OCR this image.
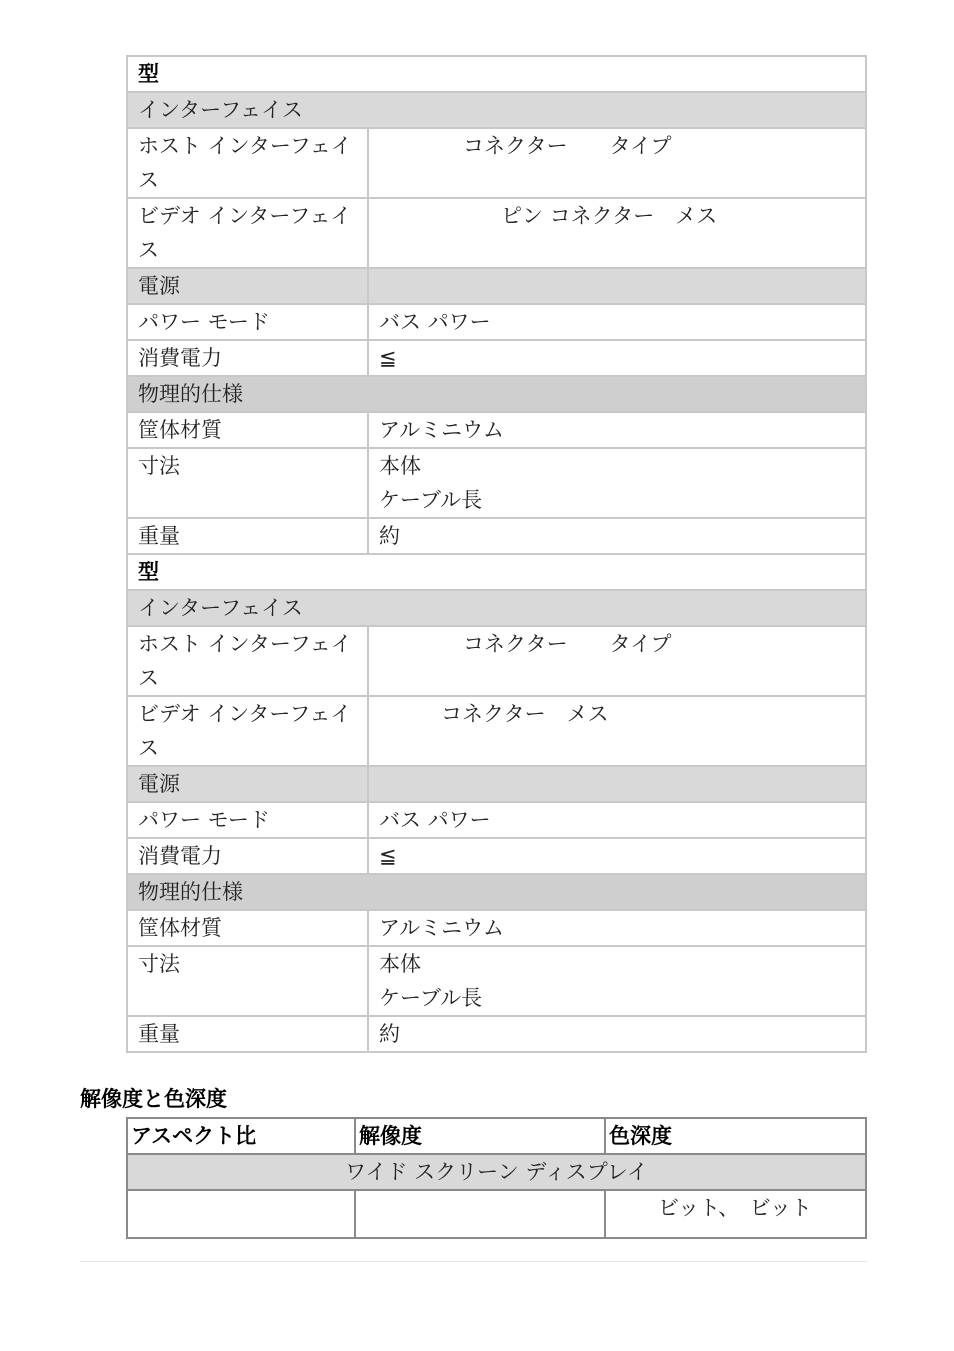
型	
インターフェイス	
ホスト インターフェイス	コネクター　　タイプ
ビデオ インターフェイス	ピン コネクター　メス
電源	
パワー モード	バス パワー
消費電力	≦
物理的仕様	
筐体材質	アルミニウム
寸法	本体
ケーブル長

重量	約
型	
インターフェイス	
ホスト インターフェイス	コネクター　　タイプ
ビデオ インターフェイス	コネクター　メス
電源	
パワー モード	バス パワー
消費電力	≦
物理的仕様	
筐体材質	アルミニウム
寸法	本体
ケーブル長

重量	約
解像度と色深度
アスペクト比	解像度	色深度
ワイド スクリーン ディスプレイ		
		ビット、　ビット
